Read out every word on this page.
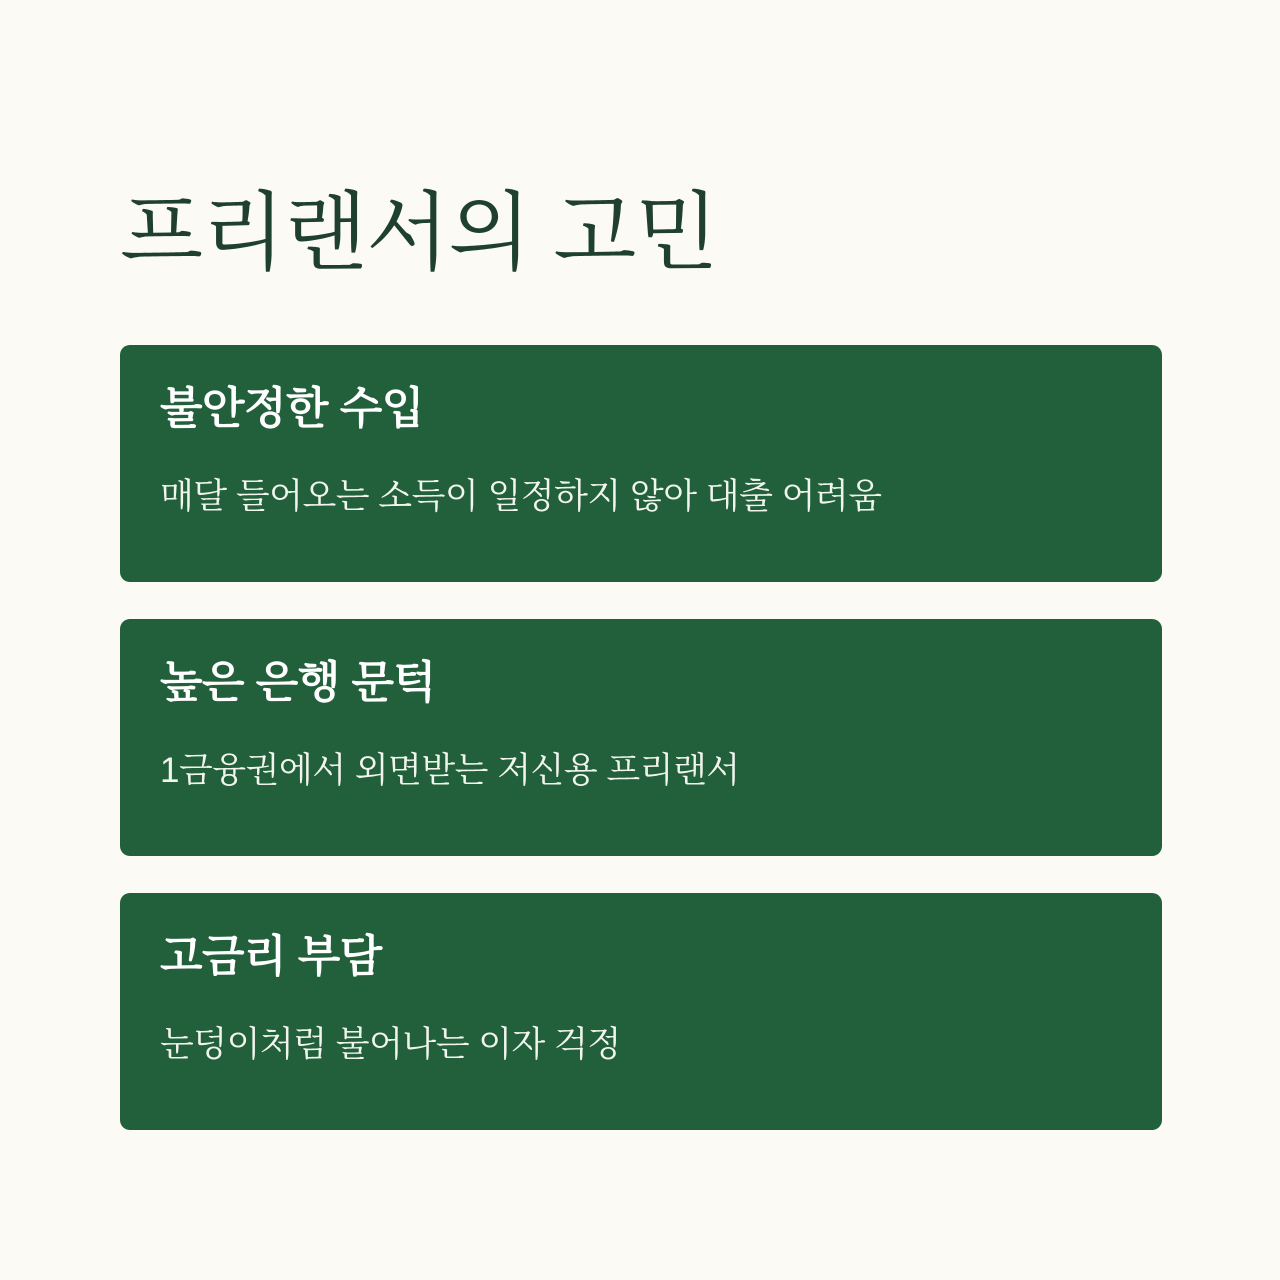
프리랜서의 고민
불안정한 수입
매달 들어오는 소득이 일정하지 않아 대출 어려움
높은 은행 문턱
1금융권에서 외면받는 저신용 프리랜서
고금리 부담
눈덩이처럼 불어나는 이자 걱정
